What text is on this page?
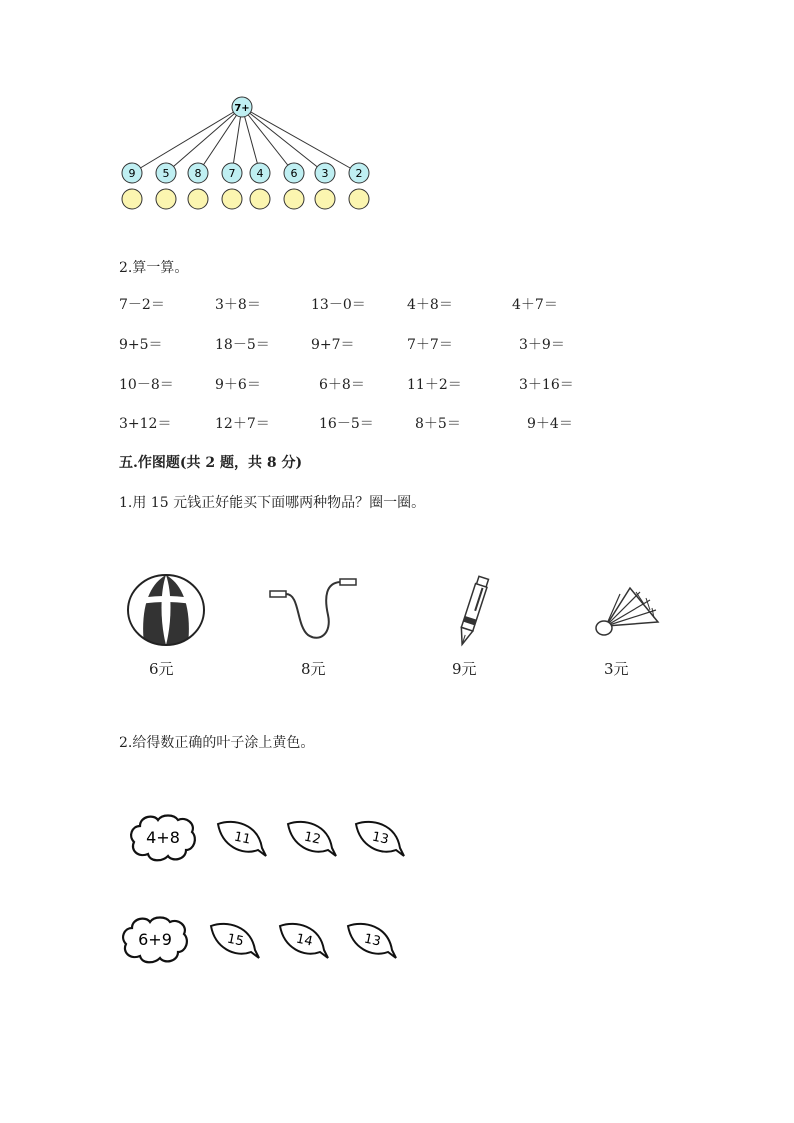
7+
9 5 8 7 4 6 3 2
2.算一算。
7－2＝	3＋8＝	13－0＝	4＋8＝	4＋7＝
9+5＝	18－5＝	9+7＝	7＋7＝	3＋9＝
10－8＝	9＋6＝	6＋8＝	11＋2＝	3＋16＝
3+12＝	12＋7＝	16－5＝	8＋5＝	9＋4＝
五.作图题(共 2 题，共 8 分)
1.用 15 元钱正好能买下面哪两种物品？圈一圈。
6元	8元	9元	3元
2.给得数正确的叶子涂上黄色。
4+8	11	12	13
6+9	15	14	13
